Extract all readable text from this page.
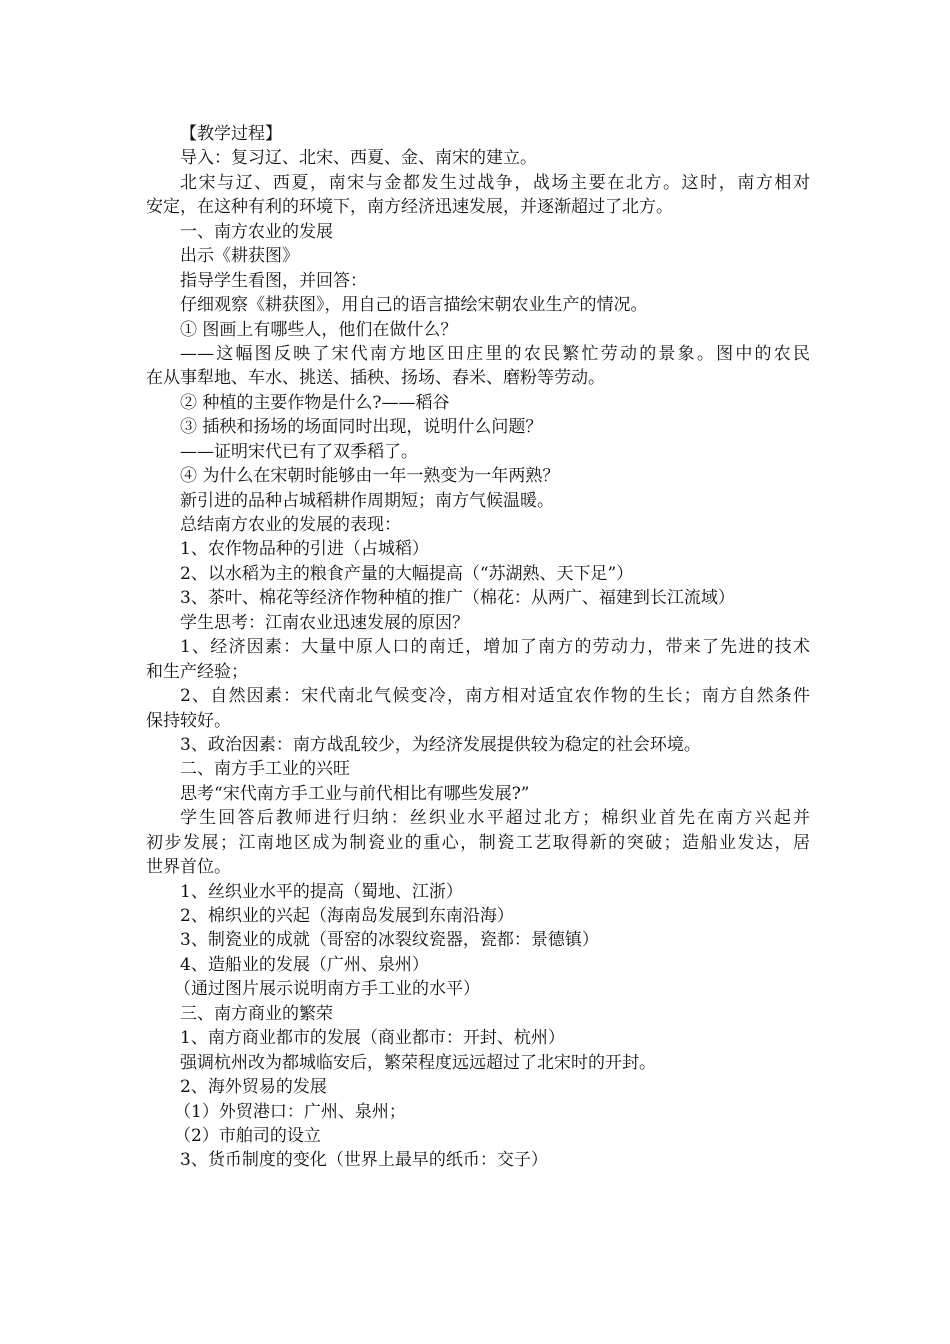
【教学过程】
导入：复习辽、北宋、西夏、金、南宋的建立。
北宋与辽、西夏，南宋与金都发生过战争，战场主要在北方。这时，南方相对
安定，在这种有利的环境下，南方经济迅速发展，并逐渐超过了北方。
一、南方农业的发展
出示《耕获图》
指导学生看图，并回答：
仔细观察《耕获图》，用自己的语言描绘宋朝农业生产的情况。
① 图画上有哪些人，他们在做什么？
——这幅图反映了宋代南方地区田庄里的农民繁忙劳动的景象。图中的农民
在从事犁地、车水、挑送、插秧、扬场、舂米、磨粉等劳动。
② 种植的主要作物是什么?——稻谷
③ 插秧和扬场的场面同时出现，说明什么问题？
——证明宋代已有了双季稻了。
④ 为什么在宋朝时能够由一年一熟变为一年两熟？
新引进的品种占城稻耕作周期短；南方气候温暖。
总结南方农业的发展的表现：
1、农作物品种的引进（占城稻）
2、以水稻为主的粮食产量的大幅提高（“苏湖熟、天下足”）
3、茶叶、棉花等经济作物种植的推广（棉花：从两广、福建到长江流域）
学生思考：江南农业迅速发展的原因？
1、经济因素：大量中原人口的南迁，增加了南方的劳动力，带来了先进的技术
和生产经验；
2、自然因素：宋代南北气候变冷，南方相对适宜农作物的生长；南方自然条件
保持较好。
3、政治因素：南方战乱较少，为经济发展提供较为稳定的社会环境。
二、南方手工业的兴旺
思考“宋代南方手工业与前代相比有哪些发展?”
学生回答后教师进行归纳：丝织业水平超过北方；棉织业首先在南方兴起并
初步发展；江南地区成为制瓷业的重心，制瓷工艺取得新的突破；造船业发达，居
世界首位。
1、丝织业水平的提高（蜀地、江浙）
2、棉织业的兴起（海南岛发展到东南沿海）
3、制瓷业的成就（哥窑的冰裂纹瓷器，瓷都：景德镇）
4、造船业的发展（广州、泉州）
（通过图片展示说明南方手工业的水平）
三、南方商业的繁荣
1、南方商业都市的发展（商业都市：开封、杭州）
强调杭州改为都城临安后，繁荣程度远远超过了北宋时的开封。
2、海外贸易的发展
（1）外贸港口：广州、泉州；
（2）市舶司的设立
3、货币制度的变化（世界上最早的纸币：交子）
